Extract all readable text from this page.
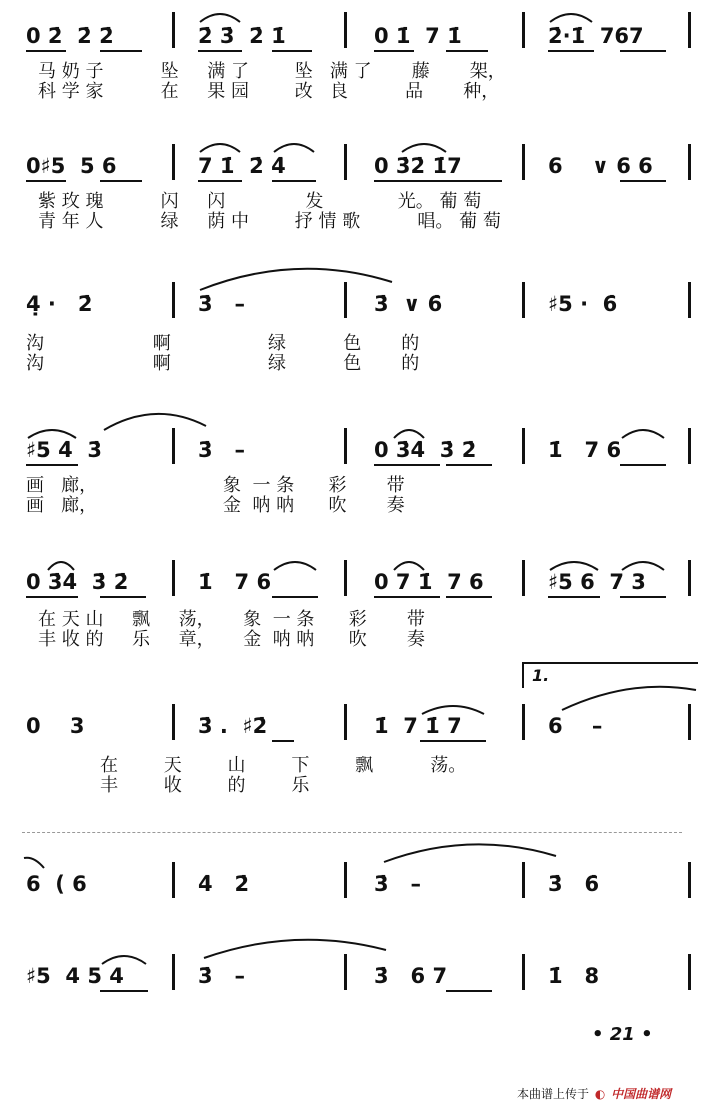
0 2̇  2̇ 2̇	2̇ 3̇  2̇ 1̇	0 1̇  7 1̇	2̇·1̇  767
马 奶 子          坠     满 了        坠   满 了       藤       架，
科 学 家          在     果 园        改   良          品       种，
0♯5  5 6	7 1̇  2̇ 4̇	0 3̇2̇ 1̇7	6    ∨ 6 6
紫 玫 瑰          闪     闪              发             光。 葡 萄
青 年 人          绿     荫 中        抒 情 歌          唱。 葡 萄
4̣ ·   2̇	3̇   –	3̇  ∨ 6̇	♯5 ·  6̇
沟                   啊                 绿          色       的
沟                   啊                 绿          色       的
♯5 4̇  3̇	3̇   –	0 3̇4̇  3̇ 2̇	1̇   7 6
画   廊，                      象  一 条      彩       带
画   廊，                      金  呐 呐      吹       奏
0 3̇4̇  3̇ 2̇	1̇   7 6	0 7 1̇  7 6	♯5 6  7 3
在 天 山     飘     荡，     象  一 条      彩       带
丰 收 的     乐     章，     金  呐 呐      吹       奏
1.
0    3	3̇ .  ♯2̇	1̇  7 1̇ 7	6    –
在        天        山        下        飘          荡。
丰        收        的        乐
6  ( 6	4̇   2̇	3̇   –	3̇   6̇
♯5  4 5 4	3̇   –	3̇   6 7	1̇   8
• 21 •
本曲谱上传于 ◐ 中国曲谱网
